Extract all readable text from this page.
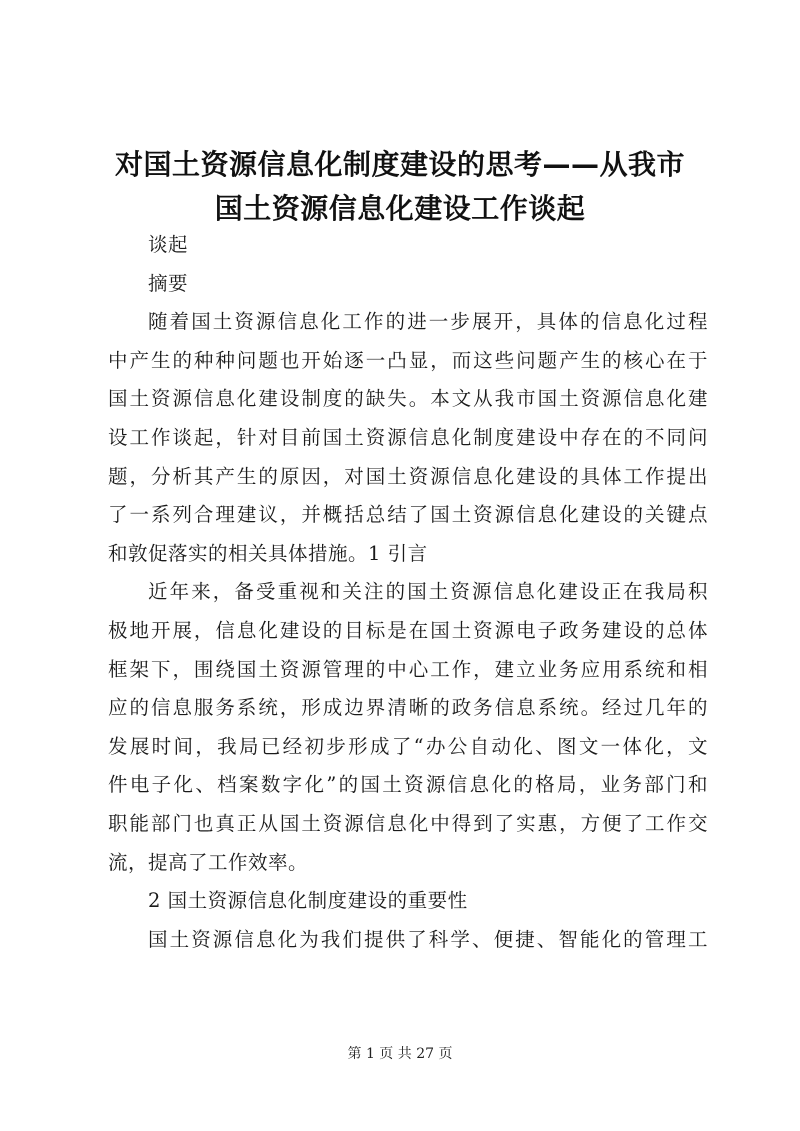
对国土资源信息化制度建设的思考——从我市
国土资源信息化建设工作谈起
谈起
摘要
随着国土资源信息化工作的进一步展开，具体的信息化过程
中产生的种种问题也开始逐一凸显，而这些问题产生的核心在于
国土资源信息化建设制度的缺失。本文从我市国土资源信息化建
设工作谈起，针对目前国土资源信息化制度建设中存在的不同问
题，分析其产生的原因，对国土资源信息化建设的具体工作提出
了一系列合理建议，并概括总结了国土资源信息化建设的关键点
和敦促落实的相关具体措施。1 引言
近年来，备受重视和关注的国土资源信息化建设正在我局积
极地开展，信息化建设的目标是在国土资源电子政务建设的总体
框架下，围绕国土资源管理的中心工作，建立业务应用系统和相
应的信息服务系统，形成边界清晰的政务信息系统。经过几年的
发展时间，我局已经初步形成了“办公自动化、图文一体化，文
件电子化、档案数字化”的国土资源信息化的格局，业务部门和
职能部门也真正从国土资源信息化中得到了实惠，方便了工作交
流，提高了工作效率。
2 国土资源信息化制度建设的重要性
国土资源信息化为我们提供了科学、便捷、智能化的管理工
第 1 页 共 27 页
